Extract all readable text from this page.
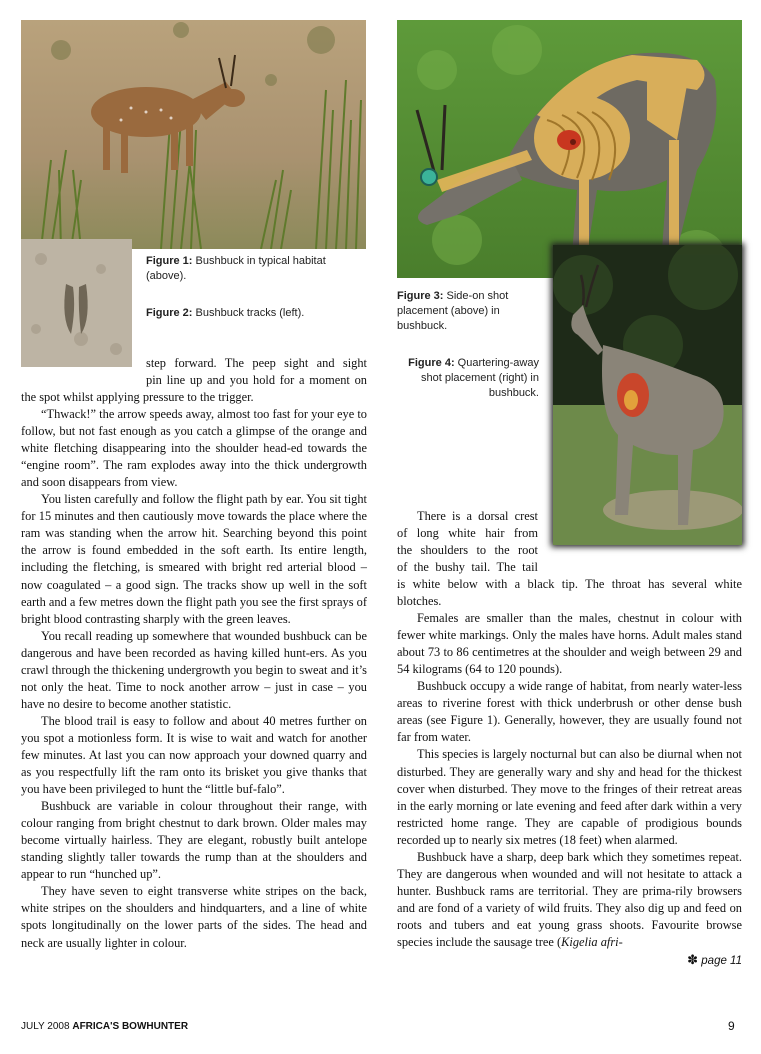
Figure 1: Bushbuck in typical habitat (above).
Figure 2: Bushbuck tracks (left).
Figure 3: Side-on shot placement (above) in bushbuck.
Figure 4: Quartering-away shot placement (right) in bushbuck.
step forward. The peep sight and sight
pin line up and you hold for a moment on

the spot whilst applying pressure to the trigger.

“Thwack!” the arrow speeds away, almost too fast for your eye to follow, but not fast enough as you catch a glimpse of the orange and white fletching disappearing into the shoulder head-ed towards the “engine room”. The ram explodes away into the thick undergrowth and soon disappears from view.

You listen carefully and follow the flight path by ear. You sit tight for 15 minutes and then cautiously move towards the place where the ram was standing when the arrow hit. Searching beyond this point the arrow is found embedded in the soft earth. Its entire length, including the fletching, is smeared with bright red arterial blood – now coagulated – a good sign. The tracks show up well in the soft earth and a few metres down the flight path you see the first sprays of bright blood contrasting sharply with the green leaves.

You recall reading up somewhere that wounded bushbuck can be dangerous and have been recorded as having killed hunt-ers. As you crawl through the thickening undergrowth you begin to sweat and it’s not only the heat. Time to nock another arrow – just in case – you have no desire to become another statistic.

The blood trail is easy to follow and about 40 metres further on you spot a motionless form. It is wise to wait and watch for another few minutes. At last you can now approach your downed quarry and as you respectfully lift the ram onto its brisket you give thanks that you have been privileged to hunt the “little buf-falo”.

Bushbuck are variable in colour throughout their range, with colour ranging from bright chestnut to dark brown. Older males may become virtually hairless. They are elegant, robustly built antelope standing slightly taller towards the rump than at the shoulders and appear to run “hunched up”.

They have seven to eight transverse white stripes on the back, white stripes on the shoulders and hindquarters, and a line of white spots longitudinally on the lower parts of the sides. The head and neck are usually lighter in colour.

There is a dorsal crest
of long white hair from
the shoulders to the root
of the bushy tail. The tail

is white below with a black tip. The throat has several white blotches.

Females are smaller than the males, chestnut in colour with fewer white markings. Only the males have horns. Adult males stand about 73 to 86 centimetres at the shoulder and weigh between 29 and 54 kilograms (64 to 120 pounds).

Bushbuck occupy a wide range of habitat, from nearly water-less areas to riverine forest with thick underbrush or other dense bush areas (see Figure 1). Generally, however, they are usually found not far from water.

This species is largely nocturnal but can also be diurnal when not disturbed. They are generally wary and shy and head for the thickest cover when disturbed. They move to the fringes of their retreat areas in the early morning or late evening and feed after dark within a very restricted home range. They are capable of prodigious bounds recorded up to nearly six metres (18 feet) when alarmed.

Bushbuck have a sharp, deep bark which they sometimes repeat. They are dangerous when wounded and will not hesitate to attack a hunter. Bushbuck rams are territorial. They are prima-rily browsers and are fond of a variety of wild fruits. They also dig up and feed on roots and tubers and eat young grass shoots. Favourite browse species include the sausage tree (Kigelia afri-

✽ page 11
JULY 2008 AFRICA'S BOWHUNTER	9
